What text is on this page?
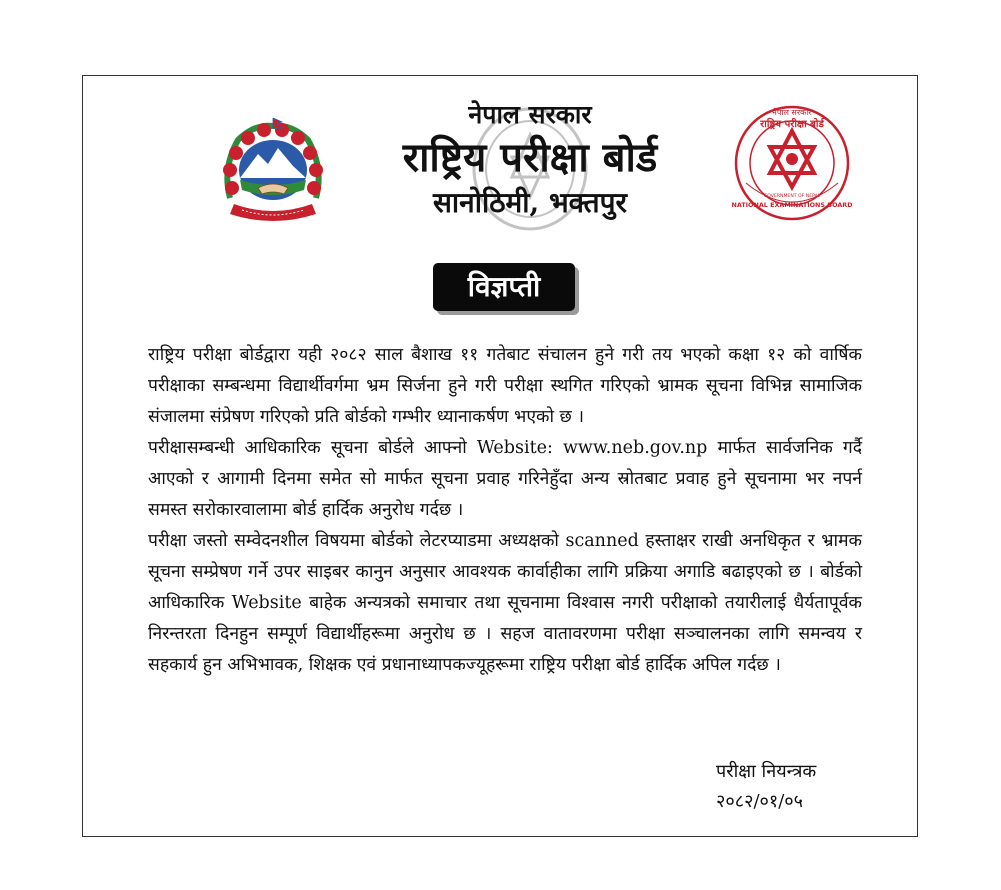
नेपाल सरकार
राष्ट्रिय परीक्षा बोर्ड
सानोठिमी, भक्तपुर
नेपाल सरकार
राष्ट्रिय परीक्षा बोर्ड
NATIONAL EXAMINATIONS BOARD
GOVERNMENT OF NEPAL
विज्ञप्ती

राष्ट्रिय परीक्षा बोर्डद्वारा यही २०८२ साल बैशाख ११ गतेबाट संचालन हुने गरी तय भएको कक्षा १२ को वार्षिक परीक्षाका सम्बन्धमा विद्यार्थीवर्गमा भ्रम सिर्जना हुने गरी परीक्षा स्थगित गरिएको भ्रामक सूचना विभिन्न सामाजिक संजालमा संप्रेषण गरिएको प्रति बोर्डको गम्भीर ध्यानाकर्षण भएको छ ।

परीक्षासम्बन्धी आधिकारिक सूचना बोर्डले आफ्नो Website: www.neb.gov.np मार्फत सार्वजनिक गर्दै आएको र आगामी दिनमा समेत सो मार्फत सूचना प्रवाह गरिनेहुँदा अन्य स्रोतबाट प्रवाह हुने सूचनामा भर नपर्न समस्त सरोकारवालामा बोर्ड हार्दिक अनुरोध गर्दछ ।

परीक्षा जस्तो सम्वेदनशील विषयमा बोर्डको लेटरप्याडमा अध्यक्षको scanned हस्ताक्षर राखी अनधिकृत र भ्रामक सूचना सम्प्रेषण गर्ने उपर साइबर कानुन अनुसार आवश्यक कार्वाहीका लागि प्रक्रिया अगाडि बढाइएको छ । बोर्डको आधिकारिक Website बाहेक अन्यत्रको समाचार तथा सूचनामा विश्वास नगरी परीक्षाको तयारीलाई धैर्यतापूर्वक निरन्तरता दिनहुन सम्पूर्ण विद्यार्थीहरूमा अनुरोध छ । सहज वातावरणमा परीक्षा सञ्चालनका लागि समन्वय र सहकार्य हुन अभिभावक, शिक्षक एवं प्रधानाध्यापकज्यूहरूमा राष्ट्रिय परीक्षा बोर्ड हार्दिक अपिल गर्दछ ।

परीक्षा नियन्त्रक
२०८२/०१/०५
